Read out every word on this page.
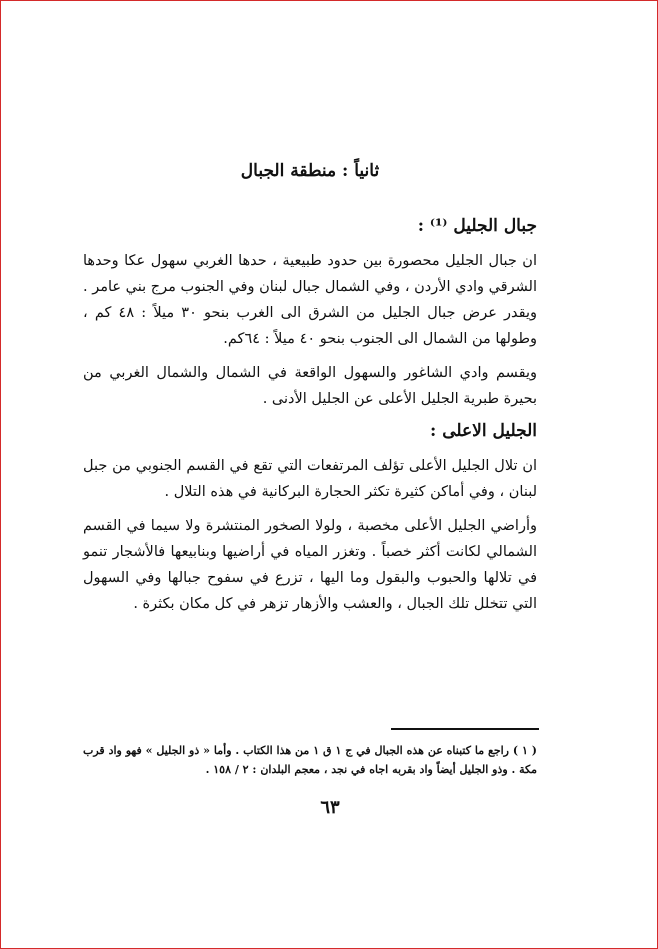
ثانياً : منطقة الجبال
جبال الجليل ⁽¹⁾ :

ان جبال الجليل محصورة بين حدود طبيعية ، حدها الغربي سهول عكا وحدها الشرقي وادي الأردن ، وفي الشمال جبال لبنان وفي الجنوب مرج بني عامر . ويقدر عرض جبال الجليل من الشرق الى الغرب بنحو ٣٠ ميلاً : ٤٨ كم ، وطولها من الشمال الى الجنوب بنحو ٤٠ ميلاً : ٦٤كم.

ويقسم وادي الشاغور والسهول الواقعة في الشمال والشمال الغربي من بحيرة طبرية الجليل الأعلى عن الجليل الأدنى .

الجليل الاعلى :

ان تلال الجليل الأعلى تؤلف المرتفعات التي تقع في القسم الجنوبي من جبل لبنان ، وفي أماكن كثيرة تكثر الحجارة البركانية في هذه التلال .

وأراضي الجليل الأعلى مخصبة ، ولولا الصخور المنتشرة ولا سيما في القسم الشمالي لكانت أكثر خصباً . وتغزر المياه في أراضيها وبنابيعها فالأشجار تنمو في تلالها والحبوب والبقول وما اليها ، تزرع في سفوح جبالها وفي السهول التي تتخلل تلك الجبال ، والعشب والأزهار تزهر في كل مكان بكثرة .

( ١ ) راجع ما كتبناه عن هذه الجبال في ج ١ ق ١ من هذا الكتاب . وأما « ذو الجليل » فهو واد قرب مكة . وذو الجليل أيضاً واد بقربه اجاه في نجد ، معجم البلدان : ٢ / ١٥٨ .
٦٣
